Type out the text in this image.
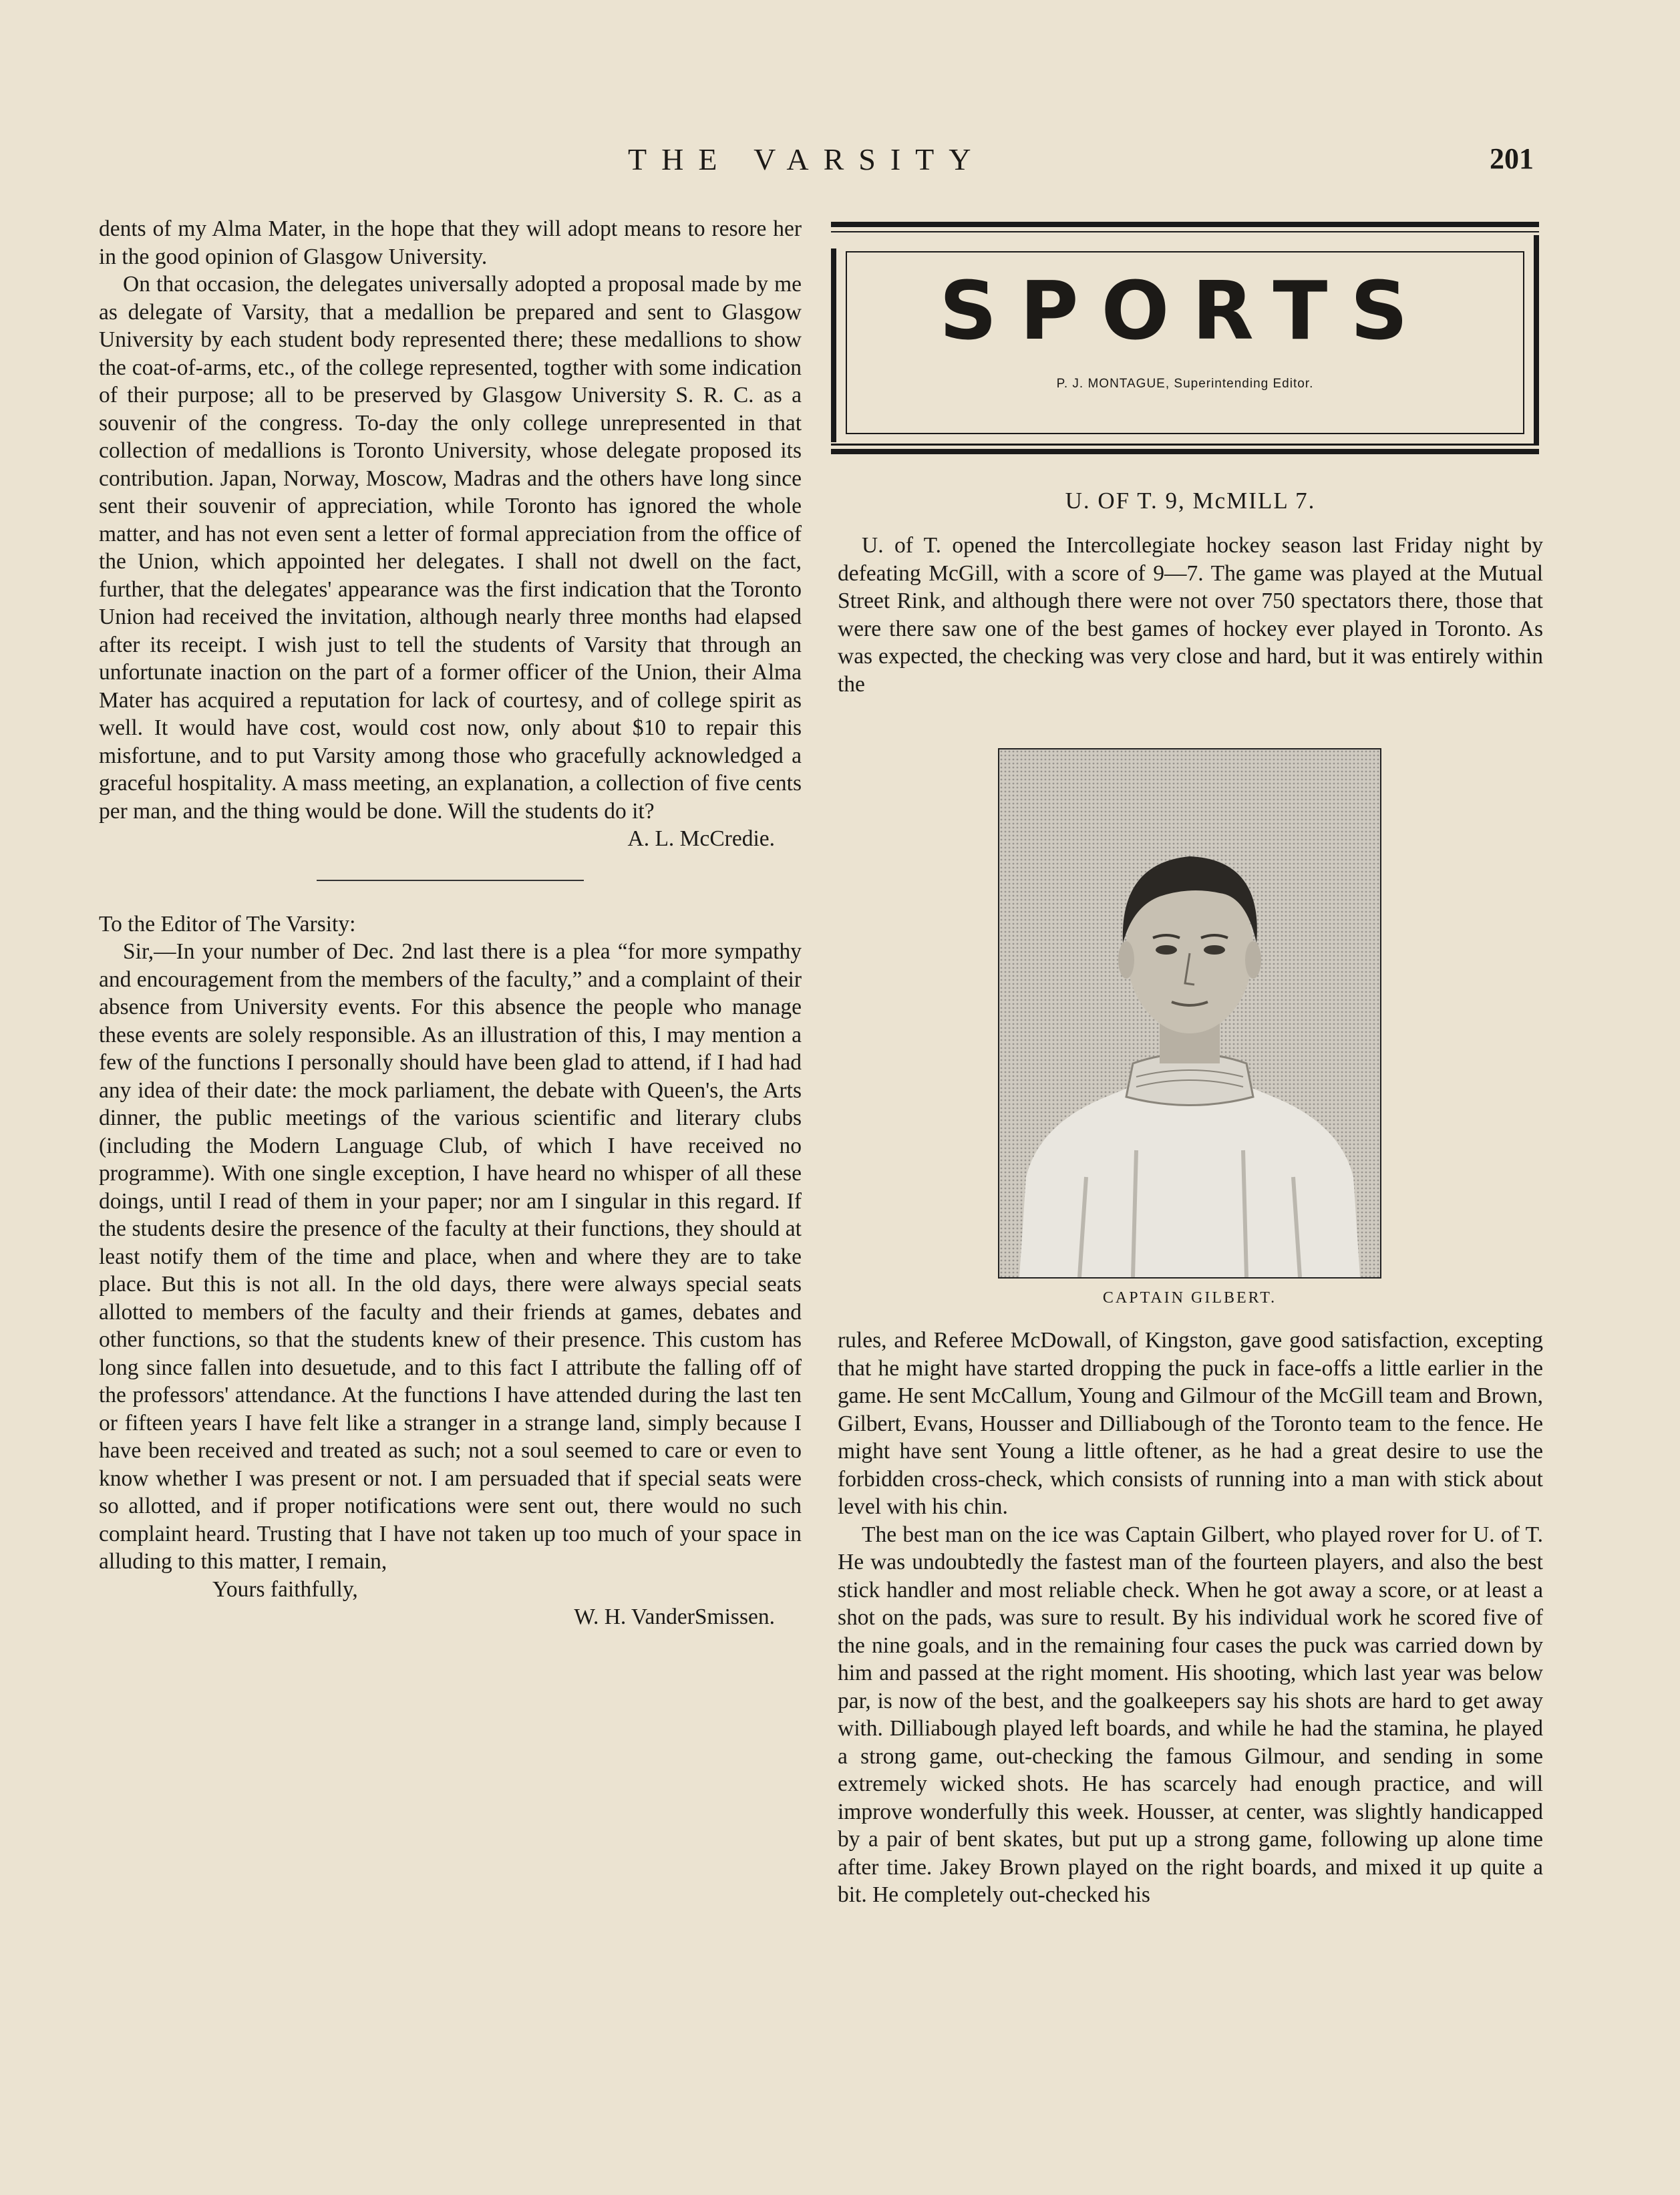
THE VARSITY	201

dents of my Alma Mater, in the hope that they will adopt means to resore her in the good opinion of Glasgow University.

On that occasion, the delegates universally adopted a proposal made by me as delegate of Varsity, that a medallion be prepared and sent to Glasgow University by each student body represented there; these medallions to show the coat-of-arms, etc., of the college represented, togther with some indication of their purpose; all to be preserved by Glasgow University S. R. C. as a souvenir of the congress. To-day the only college unrepresented in that collection of medallions is Toronto University, whose delegate proposed its contribution. Japan, Norway, Moscow, Madras and the others have long since sent their souvenir of appreciation, while Toronto has ignored the whole matter, and has not even sent a letter of formal appreciation from the office of the Union, which appointed her delegates. I shall not dwell on the fact, further, that the delegates' appearance was the first indication that the Toronto Union had received the invitation, although nearly three months had elapsed after its receipt. I wish just to tell the students of Varsity that through an unfortunate inaction on the part of a former officer of the Union, their Alma Mater has acquired a reputation for lack of courtesy, and of college spirit as well. It would have cost, would cost now, only about $10 to repair this misfortune, and to put Varsity among those who gracefully acknowledged a graceful hospitality. A mass meeting, an explanation, a collection of five cents per man, and the thing would be done. Will the students do it?

A. L. McCredie.

To the Editor of The Varsity:

Sir,—In your number of Dec. 2nd last there is a plea “for more sympathy and encouragement from the members of the faculty,” and a complaint of their absence from University events. For this absence the people who manage these events are solely responsible. As an illustration of this, I may mention a few of the functions I personally should have been glad to attend, if I had had any idea of their date: the mock parliament, the debate with Queen's, the Arts dinner, the public meetings of the various scientific and literary clubs (including the Modern Language Club, of which I have received no programme). With one single exception, I have heard no whisper of all these doings, until I read of them in your paper; nor am I singular in this regard. If the students desire the presence of the faculty at their functions, they should at least notify them of the time and place, when and where they are to take place. But this is not all. In the old days, there were always special seats allotted to members of the faculty and their friends at games, debates and other functions, so that the students knew of their presence. This custom has long since fallen into desuetude, and to this fact I attribute the falling off of the professors' attendance. At the functions I have attended during the last ten or fifteen years I have felt like a stranger in a strange land, simply because I have been received and treated as such; not a soul seemed to care or even to know whether I was present or not. I am persuaded that if special seats were so allotted, and if proper notifications were sent out, there would no such complaint heard. Trusting that I have not taken up too much of your space in alluding to this matter, I remain,

Yours faithfully,

W. H. VanderSmissen.

SPORTS
P. J. MONTAGUE, Superintending Editor.
U. OF T. 9, McMILL 7.

U. of T. opened the Intercollegiate hockey season last Friday night by defeating McGill, with a score of 9—7. The game was played at the Mutual Street Rink, and although there were not over 750 spectators there, those that were there saw one of the best games of hockey ever played in Toronto. As was expected, the checking was very close and hard, but it was entirely within the

CAPTAIN GILBERT.

rules, and Referee McDowall, of Kingston, gave good satisfaction, excepting that he might have started dropping the puck in face-offs a little earlier in the game. He sent McCallum, Young and Gilmour of the McGill team and Brown, Gilbert, Evans, Housser and Dilliabough of the Toronto team to the fence. He might have sent Young a little oftener, as he had a great desire to use the forbidden cross-check, which consists of running into a man with stick about level with his chin.

The best man on the ice was Captain Gilbert, who played rover for U. of T. He was undoubtedly the fastest man of the fourteen players, and also the best stick handler and most reliable check. When he got away a score, or at least a shot on the pads, was sure to result. By his individual work he scored five of the nine goals, and in the remaining four cases the puck was carried down by him and passed at the right moment. His shooting, which last year was below par, is now of the best, and the goalkeepers say his shots are hard to get away with. Dilliabough played left boards, and while he had the stamina, he played a strong game, out-checking the famous Gilmour, and sending in some extremely wicked shots. He has scarcely had enough practice, and will improve wonderfully this week. Housser, at center, was slightly handicapped by a pair of bent skates, but put up a strong game, following up alone time after time. Jakey Brown played on the right boards, and mixed it up quite a bit. He completely out-checked his
